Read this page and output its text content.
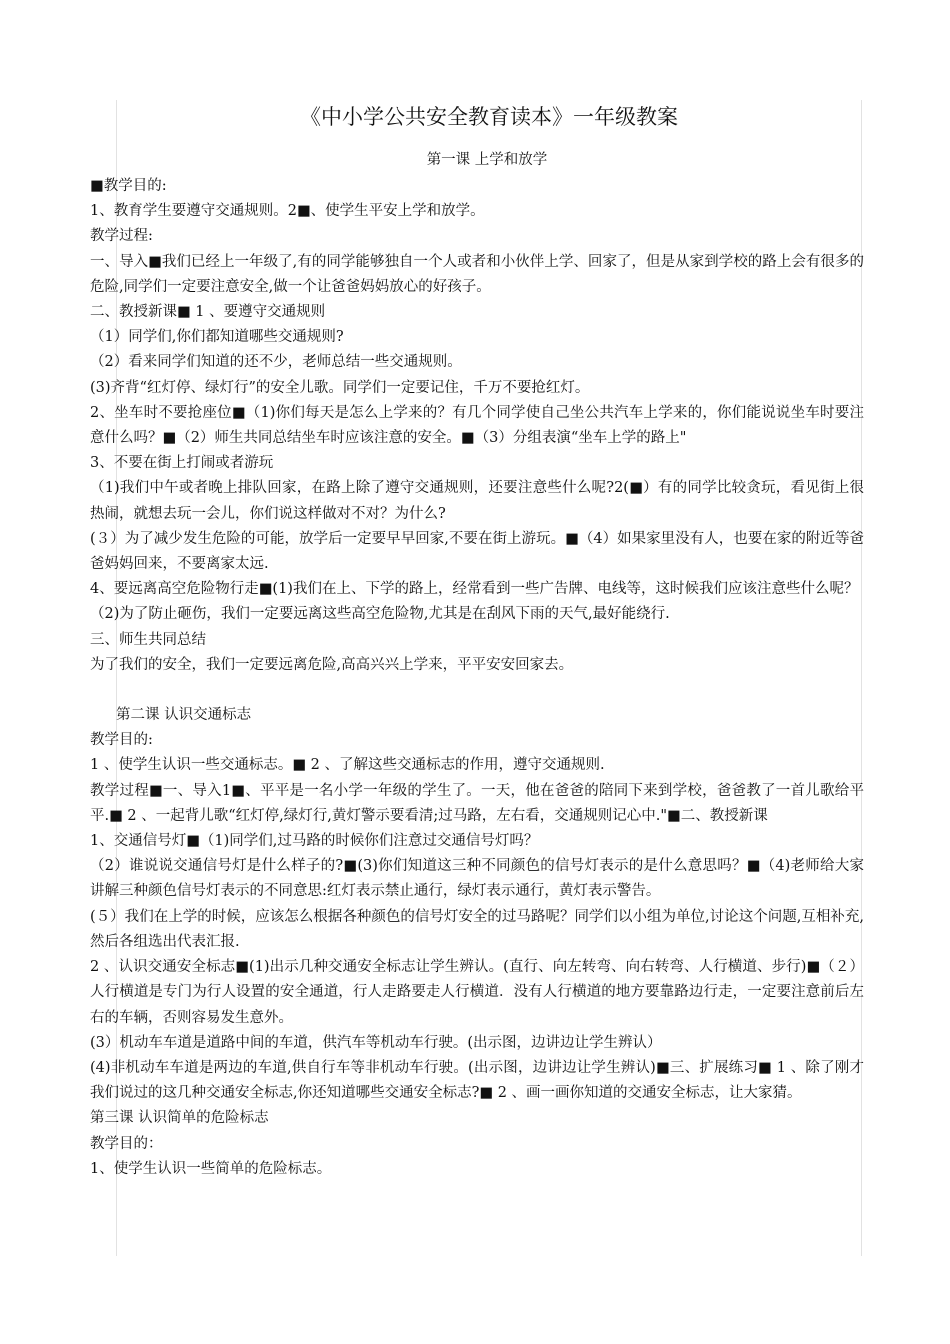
《中小学公共安全教育读本》一年级教案
第一课 上学和放学

■教学目的:

1、教育学生要遵守交通规则。2■、使学生平安上学和放学。

教学过程:

一、导入■我们已经上一年级了,有的同学能够独自一个人或者和小伙伴上学、回家了，但是从家到学校的路上会有很多的危险,同学们一定要注意安全,做一个让爸爸妈妈放心的好孩子。

二、教授新课■ 1 、要遵守交通规则

（1）同学们,你们都知道哪些交通规则?

（2）看来同学们知道的还不少，老师总结一些交通规则。

(3)齐背“红灯停、绿灯行”的安全儿歌。同学们一定要记住，千万不要抢红灯。

2、坐车时不要抢座位■（1)你们每天是怎么上学来的？有几个同学使自己坐公共汽车上学来的，你们能说说坐车时要注意什么吗？■（2）师生共同总结坐车时应该注意的安全。■（3）分组表演“坐车上学的路上"

3、不要在街上打闹或者游玩

（1)我们中午或者晚上排队回家，在路上除了遵守交通规则，还要注意些什么呢?2(■）有的同学比较贪玩，看见街上很热闹，就想去玩一会儿，你们说这样做对不对？为什么?

(３）为了减少发生危险的可能，放学后一定要早早回家,不要在街上游玩。■（4）如果家里没有人，也要在家的附近等爸爸妈妈回来，不要离家太远.

4、要远离高空危险物行走■(1)我们在上、下学的路上，经常看到一些广告牌、电线等，这时候我们应该注意些什么呢？

（2)为了防止砸伤，我们一定要远离这些高空危险物,尤其是在刮风下雨的天气,最好能绕行.

三、师生共同总结

为了我们的安全，我们一定要远离危险,高高兴兴上学来，平平安安回家去。

第二课 认识交通标志

教学目的:

1 、使学生认识一些交通标志。■ 2 、了解这些交通标志的作用，遵守交通规则.

教学过程■一、导入1■、平平是一名小学一年级的学生了。一天，他在爸爸的陪同下来到学校，爸爸教了一首儿歌给平平.■ 2 、一起背儿歌“红灯停,绿灯行,黄灯警示要看清;过马路，左右看，交通规则记心中."■二、教授新课

1、交通信号灯■（1)同学们,过马路的时候你们注意过交通信号灯吗？

（2）谁说说交通信号灯是什么样子的?■(3)你们知道这三种不同颜色的信号灯表示的是什么意思吗？■（4)老师给大家讲解三种颜色信号灯表示的不同意思:红灯表示禁止通行，绿灯表示通行，黄灯表示警告。

(５）我们在上学的时候，应该怎么根据各种颜色的信号灯安全的过马路呢？同学们以小组为单位,讨论这个问题,互相补充,然后各组选出代表汇报.

2 、认识交通安全标志■(1)出示几种交通安全标志让学生辨认。(直行、向左转弯、向右转弯、人行横道、步行)■（２）人行横道是专门为行人设置的安全通道，行人走路要走人行横道．没有人行横道的地方要靠路边行走，一定要注意前后左右的车辆，否则容易发生意外。

(3）机动车车道是道路中间的车道，供汽车等机动车行驶。(出示图，边讲边让学生辨认）

(4)非机动车车道是两边的车道,供自行车等非机动车行驶。(出示图，边讲边让学生辨认)■三、扩展练习■ 1 、除了刚才我们说过的这几种交通安全标志,你还知道哪些交通安全标志?■ 2 、画一画你知道的交通安全标志，让大家猜。

第三课 认识简单的危险标志

教学目的：

1、使学生认识一些简单的危险标志。
